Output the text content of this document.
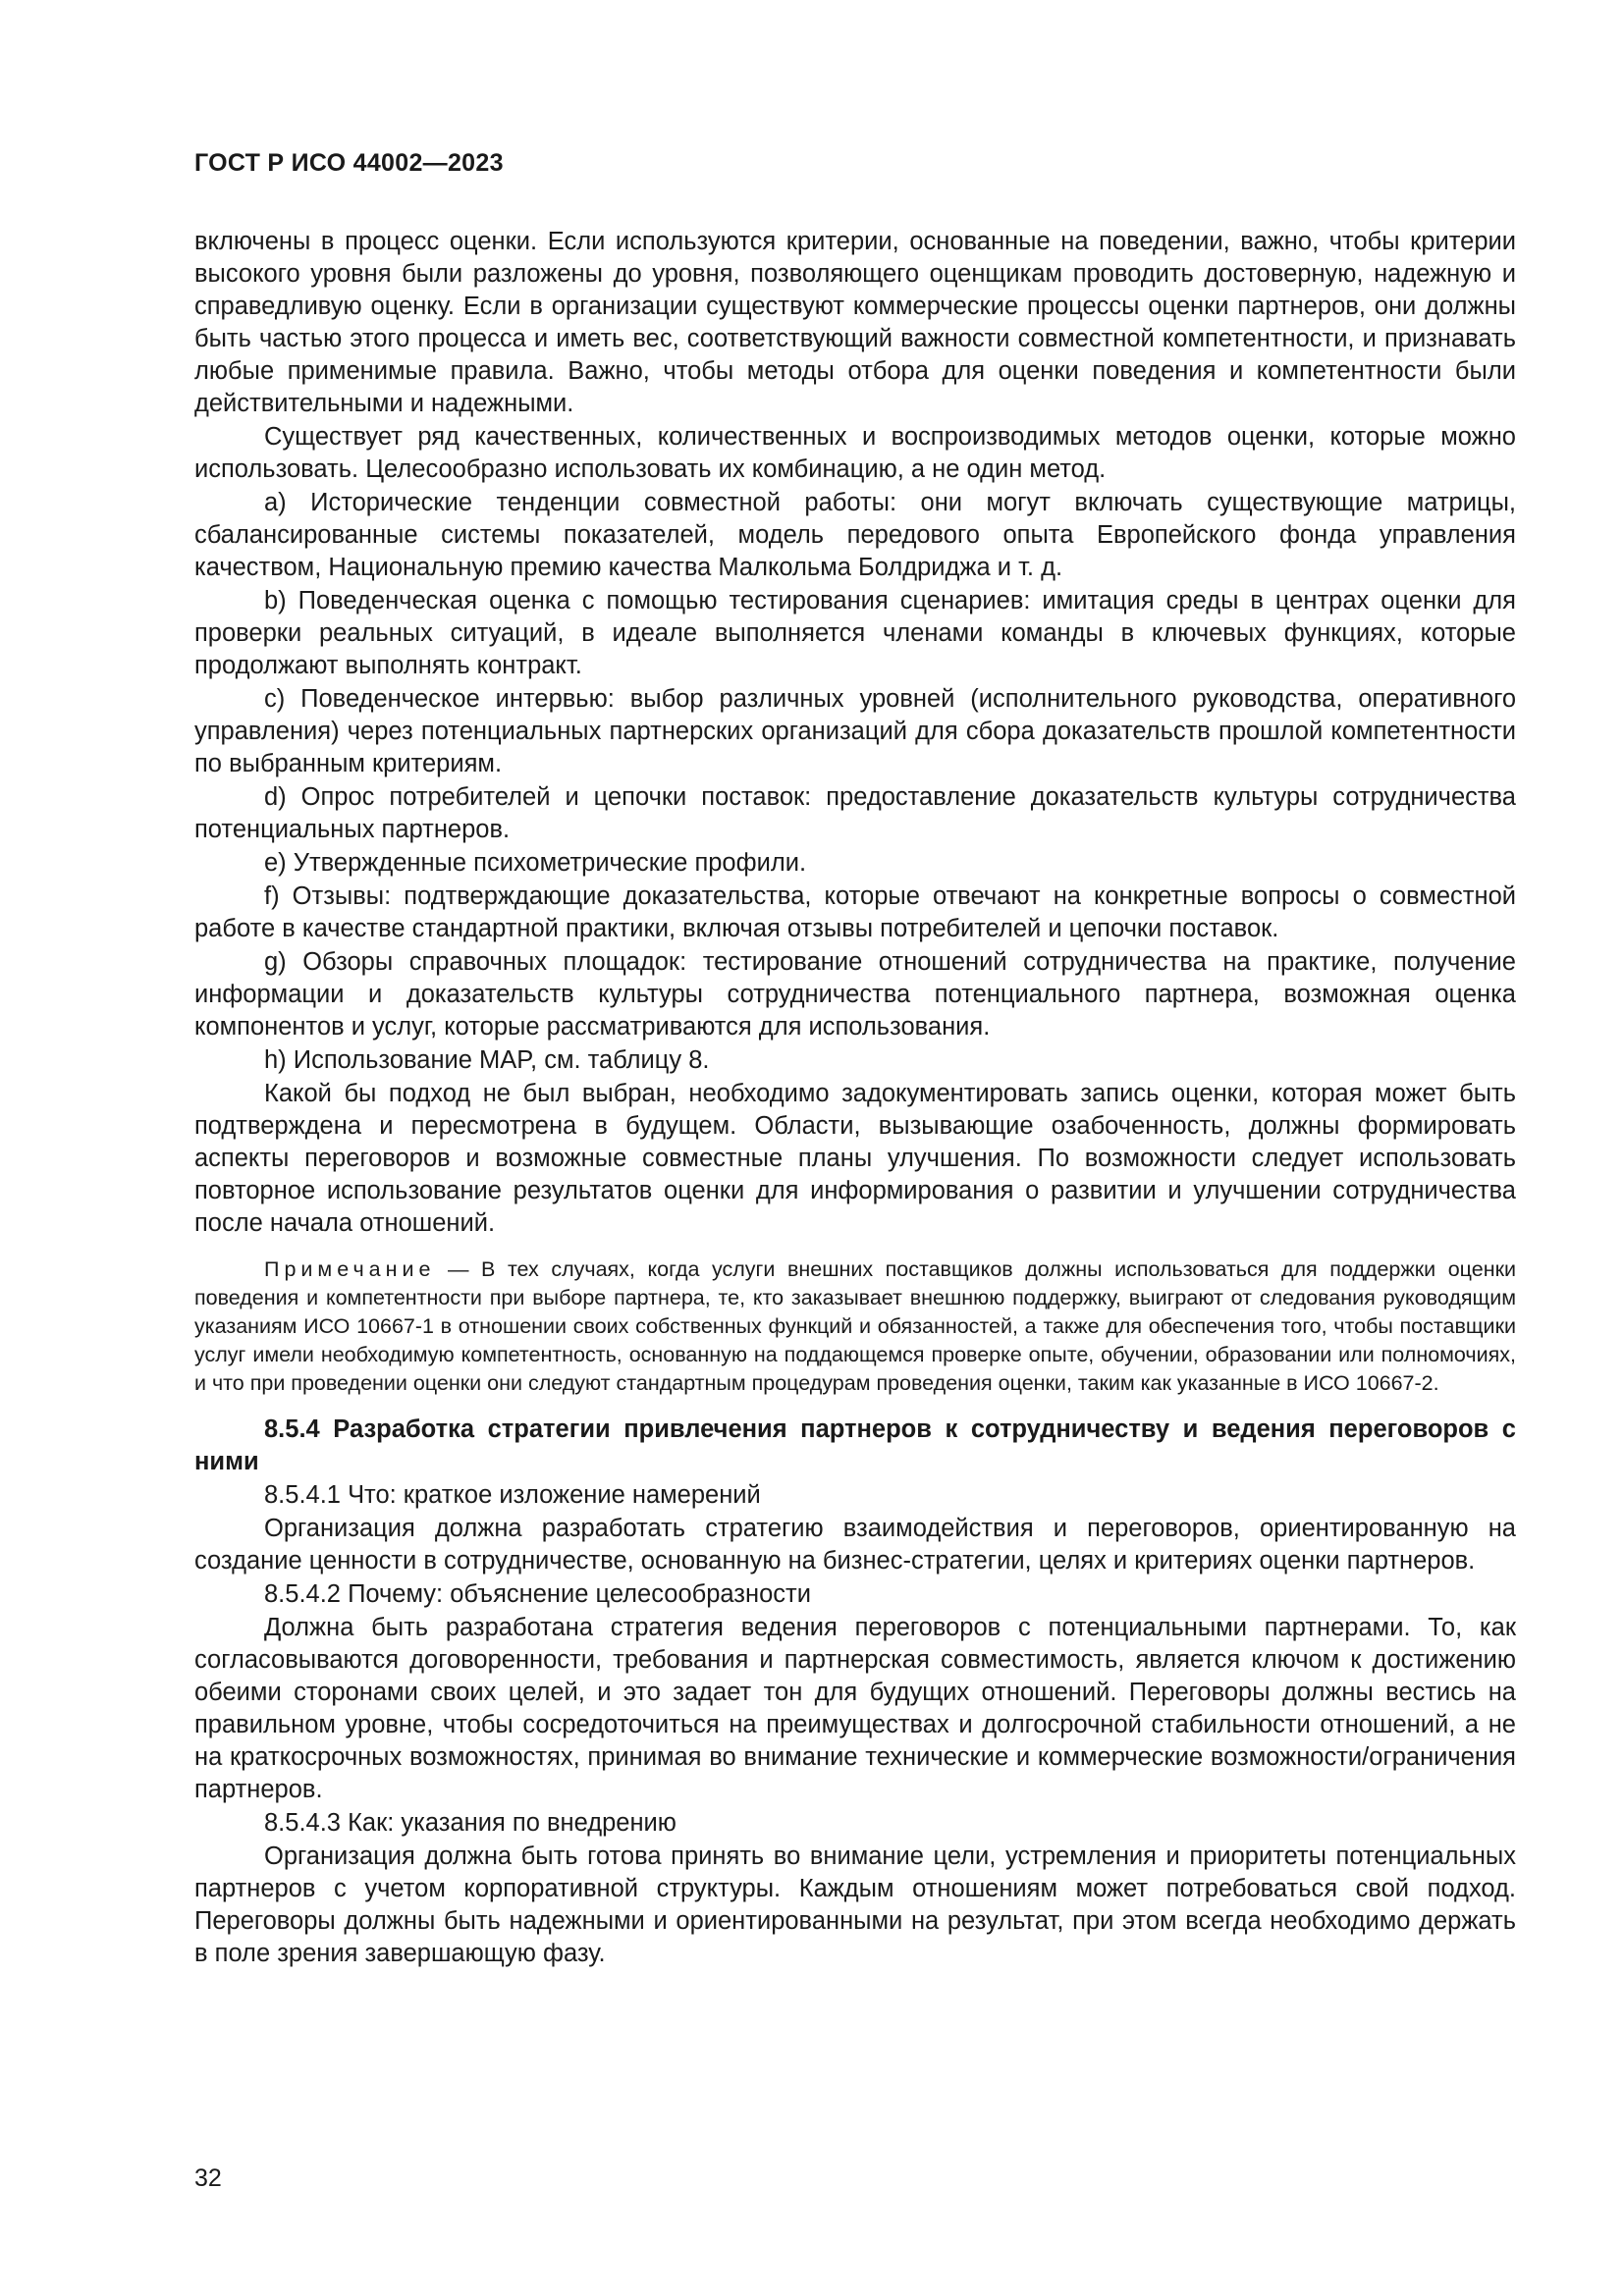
ГОСТ Р ИСО 44002—2023

включены в процесс оценки. Если используются критерии, основанные на поведении, важно, чтобы критерии высокого уровня были разложены до уровня, позволяющего оценщикам проводить достоверную, надежную и справедливую оценку. Если в организации существуют коммерческие процессы оценки партнеров, они должны быть частью этого процесса и иметь вес, соответствующий важности совместной компетентности, и признавать любые применимые правила. Важно, чтобы методы отбора для оценки поведения и компетентности были действительными и надежными.

Существует ряд качественных, количественных и воспроизводимых методов оценки, которые можно использовать. Целесообразно использовать их комбинацию, а не один метод.

a) Исторические тенденции совместной работы: они могут включать существующие матрицы, сбалансированные системы показателей, модель передового опыта Европейского фонда управления качеством, Национальную премию качества Малкольма Болдриджа и т. д.

b) Поведенческая оценка с помощью тестирования сценариев: имитация среды в центрах оценки для проверки реальных ситуаций, в идеале выполняется членами команды в ключевых функциях, которые продолжают выполнять контракт.

c) Поведенческое интервью: выбор различных уровней (исполнительного руководства, оперативного управления) через потенциальных партнерских организаций для сбора доказательств прошлой компетентности по выбранным критериям.

d) Опрос потребителей и цепочки поставок: предоставление доказательств культуры сотрудничества потенциальных партнеров.

e) Утвержденные психометрические профили.

f) Отзывы: подтверждающие доказательства, которые отвечают на конкретные вопросы о совместной работе в качестве стандартной практики, включая отзывы потребителей и цепочки поставок.

g) Обзоры справочных площадок: тестирование отношений сотрудничества на практике, получение информации и доказательств культуры сотрудничества потенциального партнера, возможная оценка компонентов и услуг, которые рассматриваются для использования.

h) Использование MAP, см. таблицу 8.

Какой бы подход не был выбран, необходимо задокументировать запись оценки, которая может быть подтверждена и пересмотрена в будущем. Области, вызывающие озабоченность, должны формировать аспекты переговоров и возможные совместные планы улучшения. По возможности следует использовать повторное использование результатов оценки для информирования о развитии и улучшении сотрудничества после начала отношений.

Примечание — В тех случаях, когда услуги внешних поставщиков должны использоваться для поддержки оценки поведения и компетентности при выборе партнера, те, кто заказывает внешнюю поддержку, выиграют от следования руководящим указаниям ИСО 10667-1 в отношении своих собственных функций и обязанностей, а также для обеспечения того, чтобы поставщики услуг имели необходимую компетентность, основанную на поддающемся проверке опыте, обучении, образовании или полномочиях, и что при проведении оценки они следуют стандартным процедурам проведения оценки, таким как указанные в ИСО 10667-2.

8.5.4 Разработка стратегии привлечения партнеров к сотрудничеству и ведения переговоров с ними

8.5.4.1 Что: краткое изложение намерений

Организация должна разработать стратегию взаимодействия и переговоров, ориентированную на создание ценности в сотрудничестве, основанную на бизнес-стратегии, целях и критериях оценки партнеров.

8.5.4.2 Почему: объяснение целесообразности

Должна быть разработана стратегия ведения переговоров с потенциальными партнерами. То, как согласовываются договоренности, требования и партнерская совместимость, является ключом к достижению обеими сторонами своих целей, и это задает тон для будущих отношений. Переговоры должны вестись на правильном уровне, чтобы сосредоточиться на преимуществах и долгосрочной стабильности отношений, а не на краткосрочных возможностях, принимая во внимание технические и коммерческие возможности/ограничения партнеров.

8.5.4.3 Как: указания по внедрению

Организация должна быть готова принять во внимание цели, устремления и приоритеты потенциальных партнеров с учетом корпоративной структуры. Каждым отношениям может потребоваться свой подход. Переговоры должны быть надежными и ориентированными на результат, при этом всегда необходимо держать в поле зрения завершающую фазу.

32
